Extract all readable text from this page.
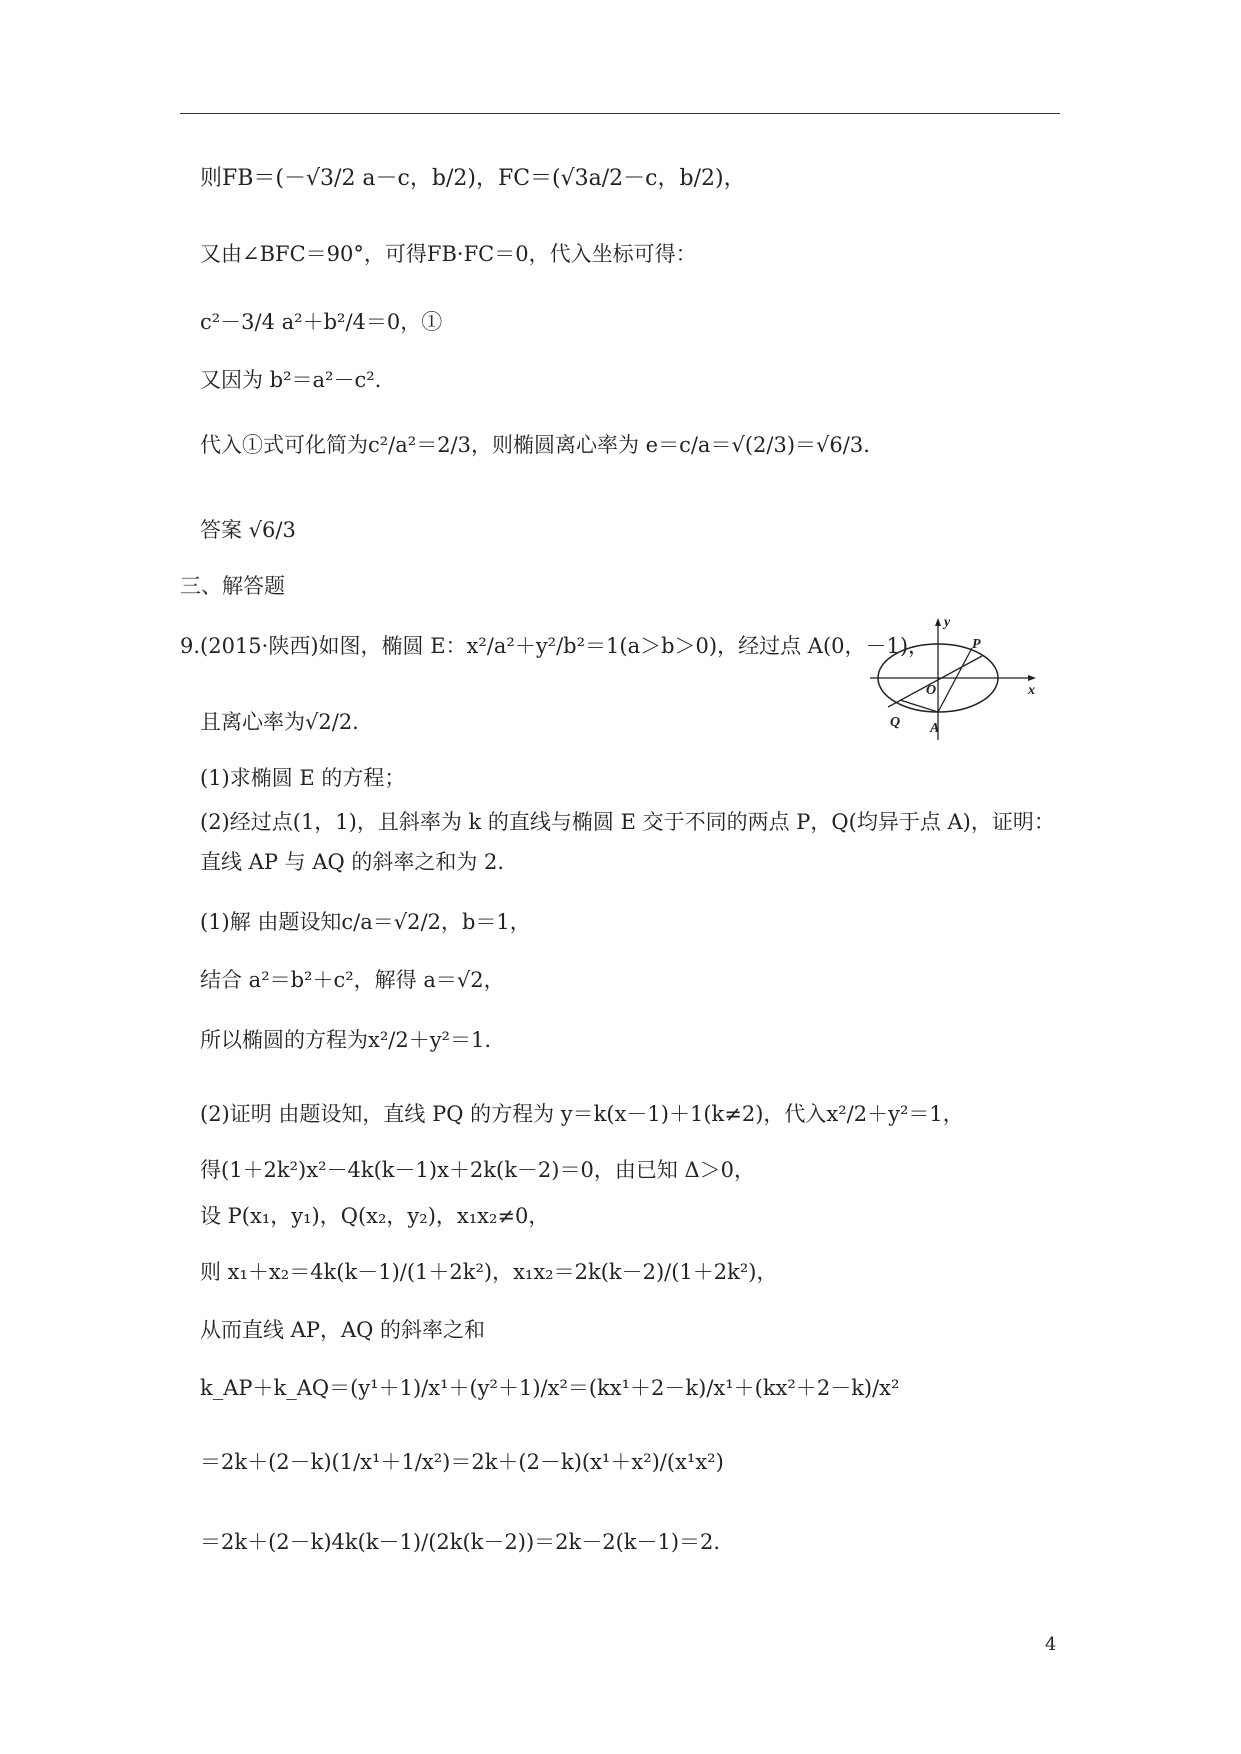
则FB＝(－√3/2 a－c，b/2)，FC＝(√3a/2－c，b/2)，
又由∠BFC＝90°，可得FB·FC＝0，代入坐标可得：
c²－3/4 a²＋b²/4＝0，①
又因为 b²＝a²－c².
代入①式可化简为c²/a²＝2/3，则椭圆离心率为 e＝c/a＝√(2/3)＝√6/3.
答案 √6/3
三、解答题
9.(2015·陕西)如图，椭圆 E：x²/a²＋y²/b²＝1(a＞b＞0)，经过点 A(0，－1)，
且离心率为√2/2.
(1)求椭圆 E 的方程；
(2)经过点(1，1)，且斜率为 k 的直线与椭圆 E 交于不同的两点 P，Q(均异于点 A)，证明：
直线 AP 与 AQ 的斜率之和为 2.
(1)解 由题设知c/a＝√2/2，b＝1，
结合 a²＝b²＋c²，解得 a＝√2，
所以椭圆的方程为x²/2＋y²＝1.
(2)证明 由题设知，直线 PQ 的方程为 y＝k(x－1)＋1(k≠2)，代入x²/2＋y²＝1，
得(1＋2k²)x²－4k(k－1)x＋2k(k－2)＝0，由已知 Δ＞0，
设 P(x₁，y₁)，Q(x₂，y₂)，x₁x₂≠0，
则 x₁＋x₂＝4k(k－1)/(1＋2k²)，x₁x₂＝2k(k－2)/(1＋2k²)，
从而直线 AP，AQ 的斜率之和
k_AP＋k_AQ＝(y¹＋1)/x¹＋(y²＋1)/x²＝(kx¹＋2－k)/x¹＋(kx²＋2－k)/x²
＝2k＋(2－k)(1/x¹＋1/x²)＝2k＋(2－k)(x¹＋x²)/(x¹x²)
＝2k＋(2－k)4k(k－1)/(2k(k－2))＝2k－2(k－1)＝2.
y
x
P
O
Q A
4
